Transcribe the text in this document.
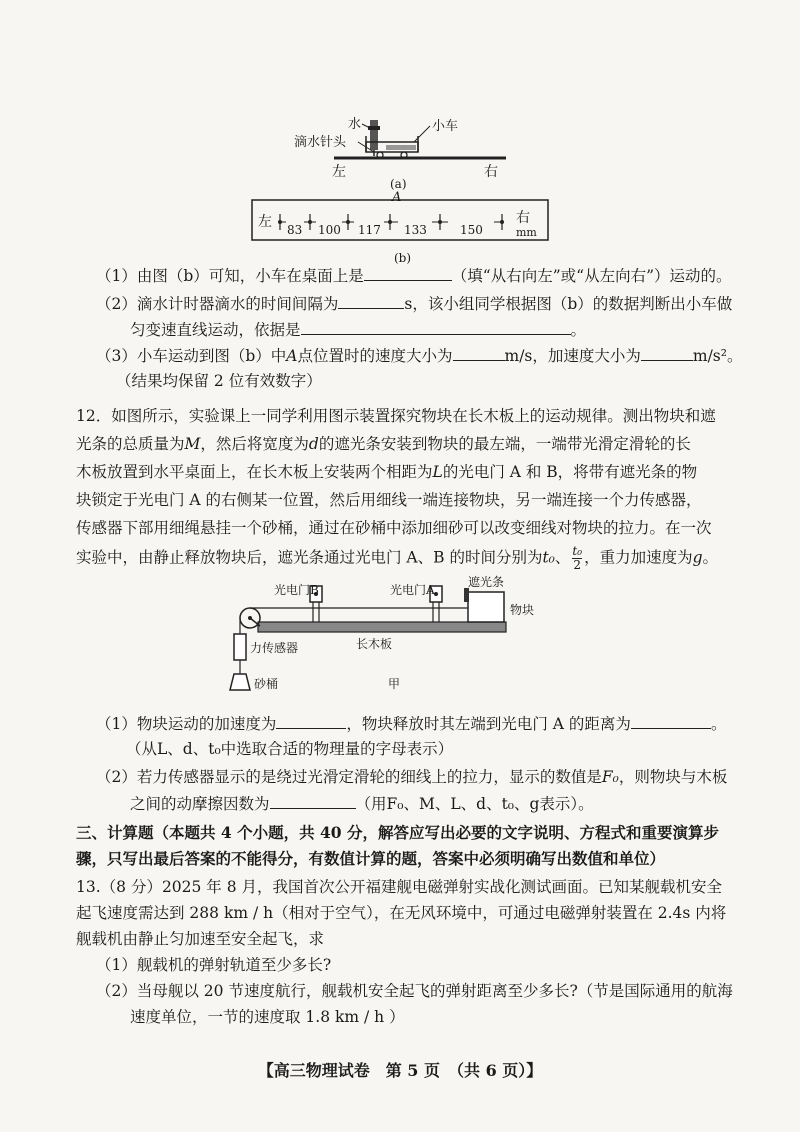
水
滴水针头
小车
左	右
(a)
左	右
mm
A
83 100 117 133	150
(b)
（1）由图（b）可知，小车在桌面上是	（填“从右向左”或“从左向右”）运动的。
（2）滴水计时器滴水的时间间隔为	s，该小组同学根据图（b）的数据判断出小车做
匀变速直线运动，依据是	。
（3）小车运动到图（b）中A点位置时的速度大小为	m/s，加速度大小为	m/s²。
（结果均保留 2 位有效数字）
12．如图所示，实验课上一同学利用图示装置探究物块在长木板上的运动规律。测出物块和遮
光条的总质量为M，然后将宽度为d的遮光条安装到物块的最左端，一端带光滑定滑轮的长
木板放置到水平桌面上，在长木板上安装两个相距为L的光电门 A 和 B，将带有遮光条的物
块锁定于光电门 A 的右侧某一位置，然后用细线一端连接物块，另一端连接一个力传感器，
传感器下部用细绳悬挂一个砂桶，通过在砂桶中添加细砂可以改变细线对物块的拉力。在一次
实验中，由静止释放物块后，遮光条通过光电门 A、B 的时间分别为t₀、 $\frac{\text{t₀}}{2}$ ，重力加速度为g。
光电门B	光电门A
遮光条
物块
长木板
力传感器
砂桶	甲
（1）物块运动的加速度为	，物块释放时其左端到光电门 A 的距离为	。
（从L、d、t₀中选取合适的物理量的字母表示）
（2）若力传感器显示的是绕过光滑定滑轮的细线上的拉力，显示的数值是F₀，则物块与木板
之间的动摩擦因数为	（用F₀、M、L、d、t₀、g表示）。
三、计算题（本题共 4 个小题，共 40 分，解答应写出必要的文字说明、方程式和重要演算步
骤，只写出最后答案的不能得分，有数值计算的题，答案中必须明确写出数值和单位）
13.（8 分）2025 年 8 月，我国首次公开福建舰电磁弹射实战化测试画面。已知某舰载机安全
起飞速度需达到 288 km / h（相对于空气），在无风环境中，可通过电磁弹射装置在 2.4s 内将
舰载机由静止匀加速至安全起飞，求
（1）舰载机的弹射轨道至少多长?
（2）当母舰以 20 节速度航行，舰载机安全起飞的弹射距离至少多长?（节是国际通用的航海
速度单位，一节的速度取 1.8 km / h ）
【高三物理试卷　第 5 页　（共 6 页）】
